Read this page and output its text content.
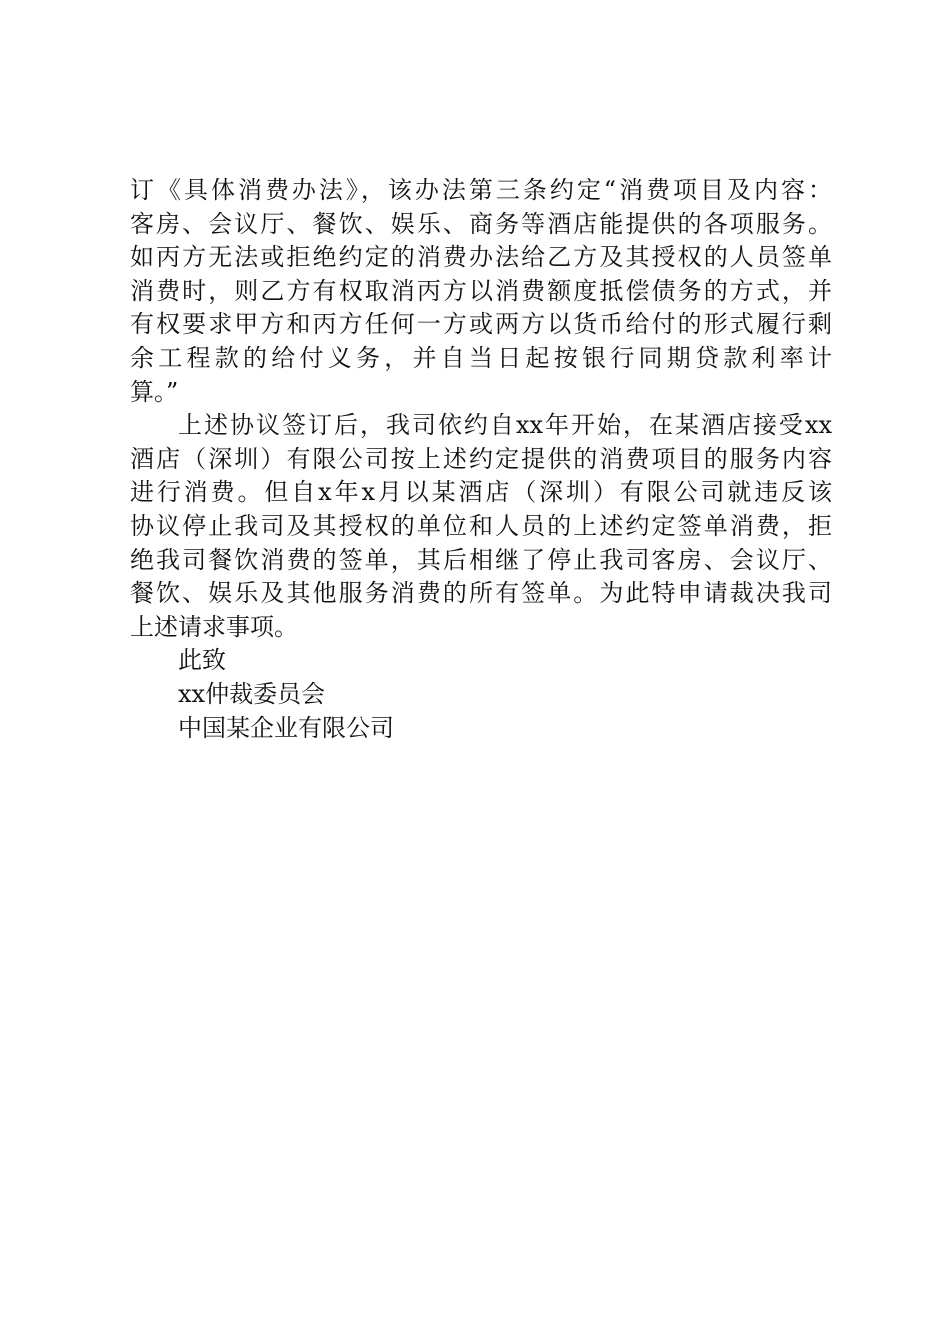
订《具体消费办法》，该办法第三条约定“消费项目及内容：
客房、会议厅、餐饮、娱乐、商务等酒店能提供的各项服务。
如丙方无法或拒绝约定的消费办法给乙方及其授权的人员签单
消费时，则乙方有权取消丙方以消费额度抵偿债务的方式，并
有权要求甲方和丙方任何一方或两方以货币给付的形式履行剩
余工程款的给付义务，并自当日起按银行同期贷款利率计
算。”
上述协议签订后，我司依约自xx年开始，在某酒店接受xx
酒店（深圳）有限公司按上述约定提供的消费项目的服务内容
进行消费。但自x年x月以某酒店（深圳）有限公司就违反该
协议停止我司及其授权的单位和人员的上述约定签单消费，拒
绝我司餐饮消费的签单，其后相继了停止我司客房、会议厅、
餐饮、娱乐及其他服务消费的所有签单。为此特申请裁决我司
上述请求事项。
此致
xx仲裁委员会
中国某企业有限公司
